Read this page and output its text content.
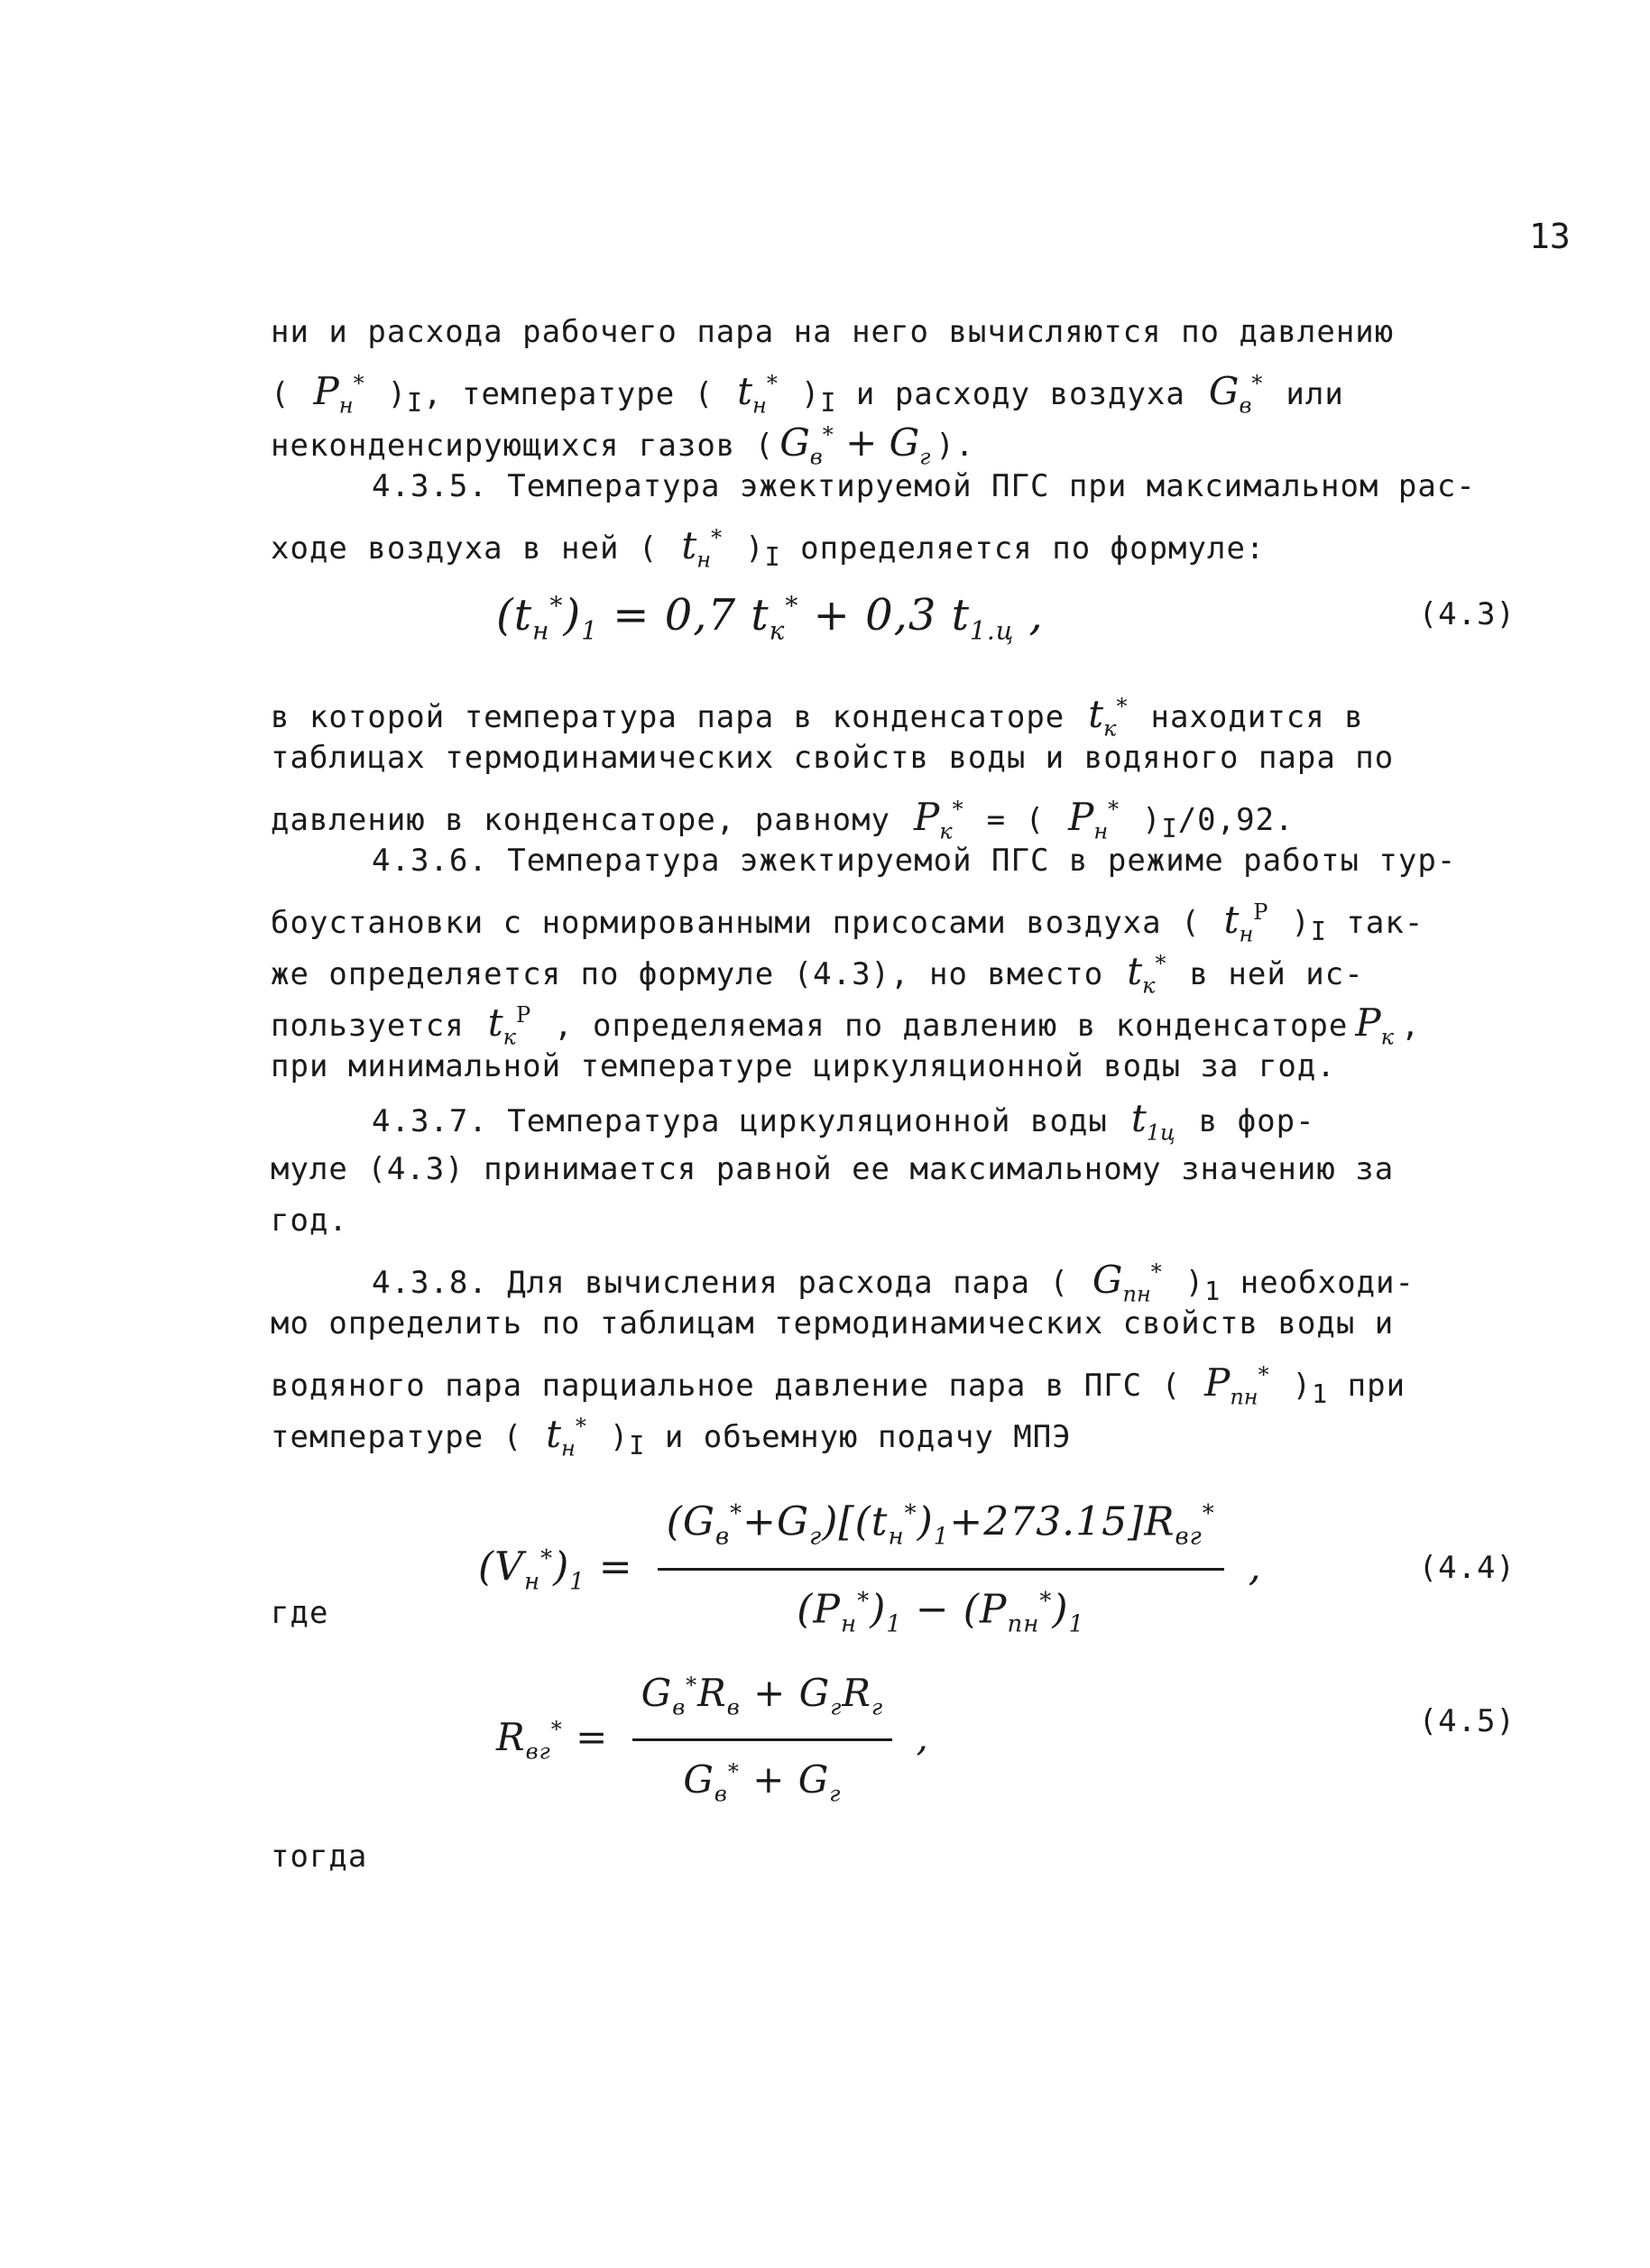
13
ни и расхода рабочего пара на него вычисляются по давлению
( $P_н^*$ )$_I$, температуре ( $t_н^*$ )$_I$ и расходу воздуха $G_в^*$ или
неконденсирующихся газов ( $G_в^* + G_г$ ).
4.3.5. Температура эжектируемой ПГС при максимальном рас-
ходе воздуха в ней ( $t_н^*$ )$_I$ определяется по формуле:
$(t_н^*)_1 = 0,7$ $t_к^* + 0,3$ $t_{1.ц}$ ,	(4.3)
в которой температура пара в конденсаторе $t_к^*$ находится в
таблицах термодинамических свойств воды и водяного пара по
давлению в конденсаторе, равному $P_к^*$ = ( $P_н^*$ )$_I/0,92$.
4.3.6. Температура эжектируемой ПГС в режиме работы тур-
боустановки с нормированными присосами воздуха ( $t_н^P$ )$_I$ так-
же определяется по формуле (4.3), но вместо $t_к^*$ в ней ис-
пользуется $t_к^P$ , определяемая по давлению в конденсаторе $P_к$ ,
при минимальной температуре циркуляционной воды за год.
4.3.7. Температура циркуляционной воды $t_{1ц}$ в фор-
муле (4.3) принимается равной ее максимальному значению за
год.
4.3.8. Для вычисления расхода пара ( $G_{пн}^*$ )$_1$ необходи-
мо определить по таблицам термодинамических свойств воды и
водяного пара парциальное давление пара в ПГС ( $P_{пн}^*$ )$_1$ при
температуре ( $t_н^*$ )$_I$ и объемную подачу МПЭ
$(V_н^*)_1 = \frac{(G_в^*+G_г)[(t_н^*)_1+273.15]R_{вг}^*}{(P_н^*)_1 - (P_{пн}^*)_1}$ ,	(4.4)
где
$R_{вг}^* = \frac{G_в^*R_в + G_гR_г}{G_в^* + G_г}$ ,	(4.5)
тогда
